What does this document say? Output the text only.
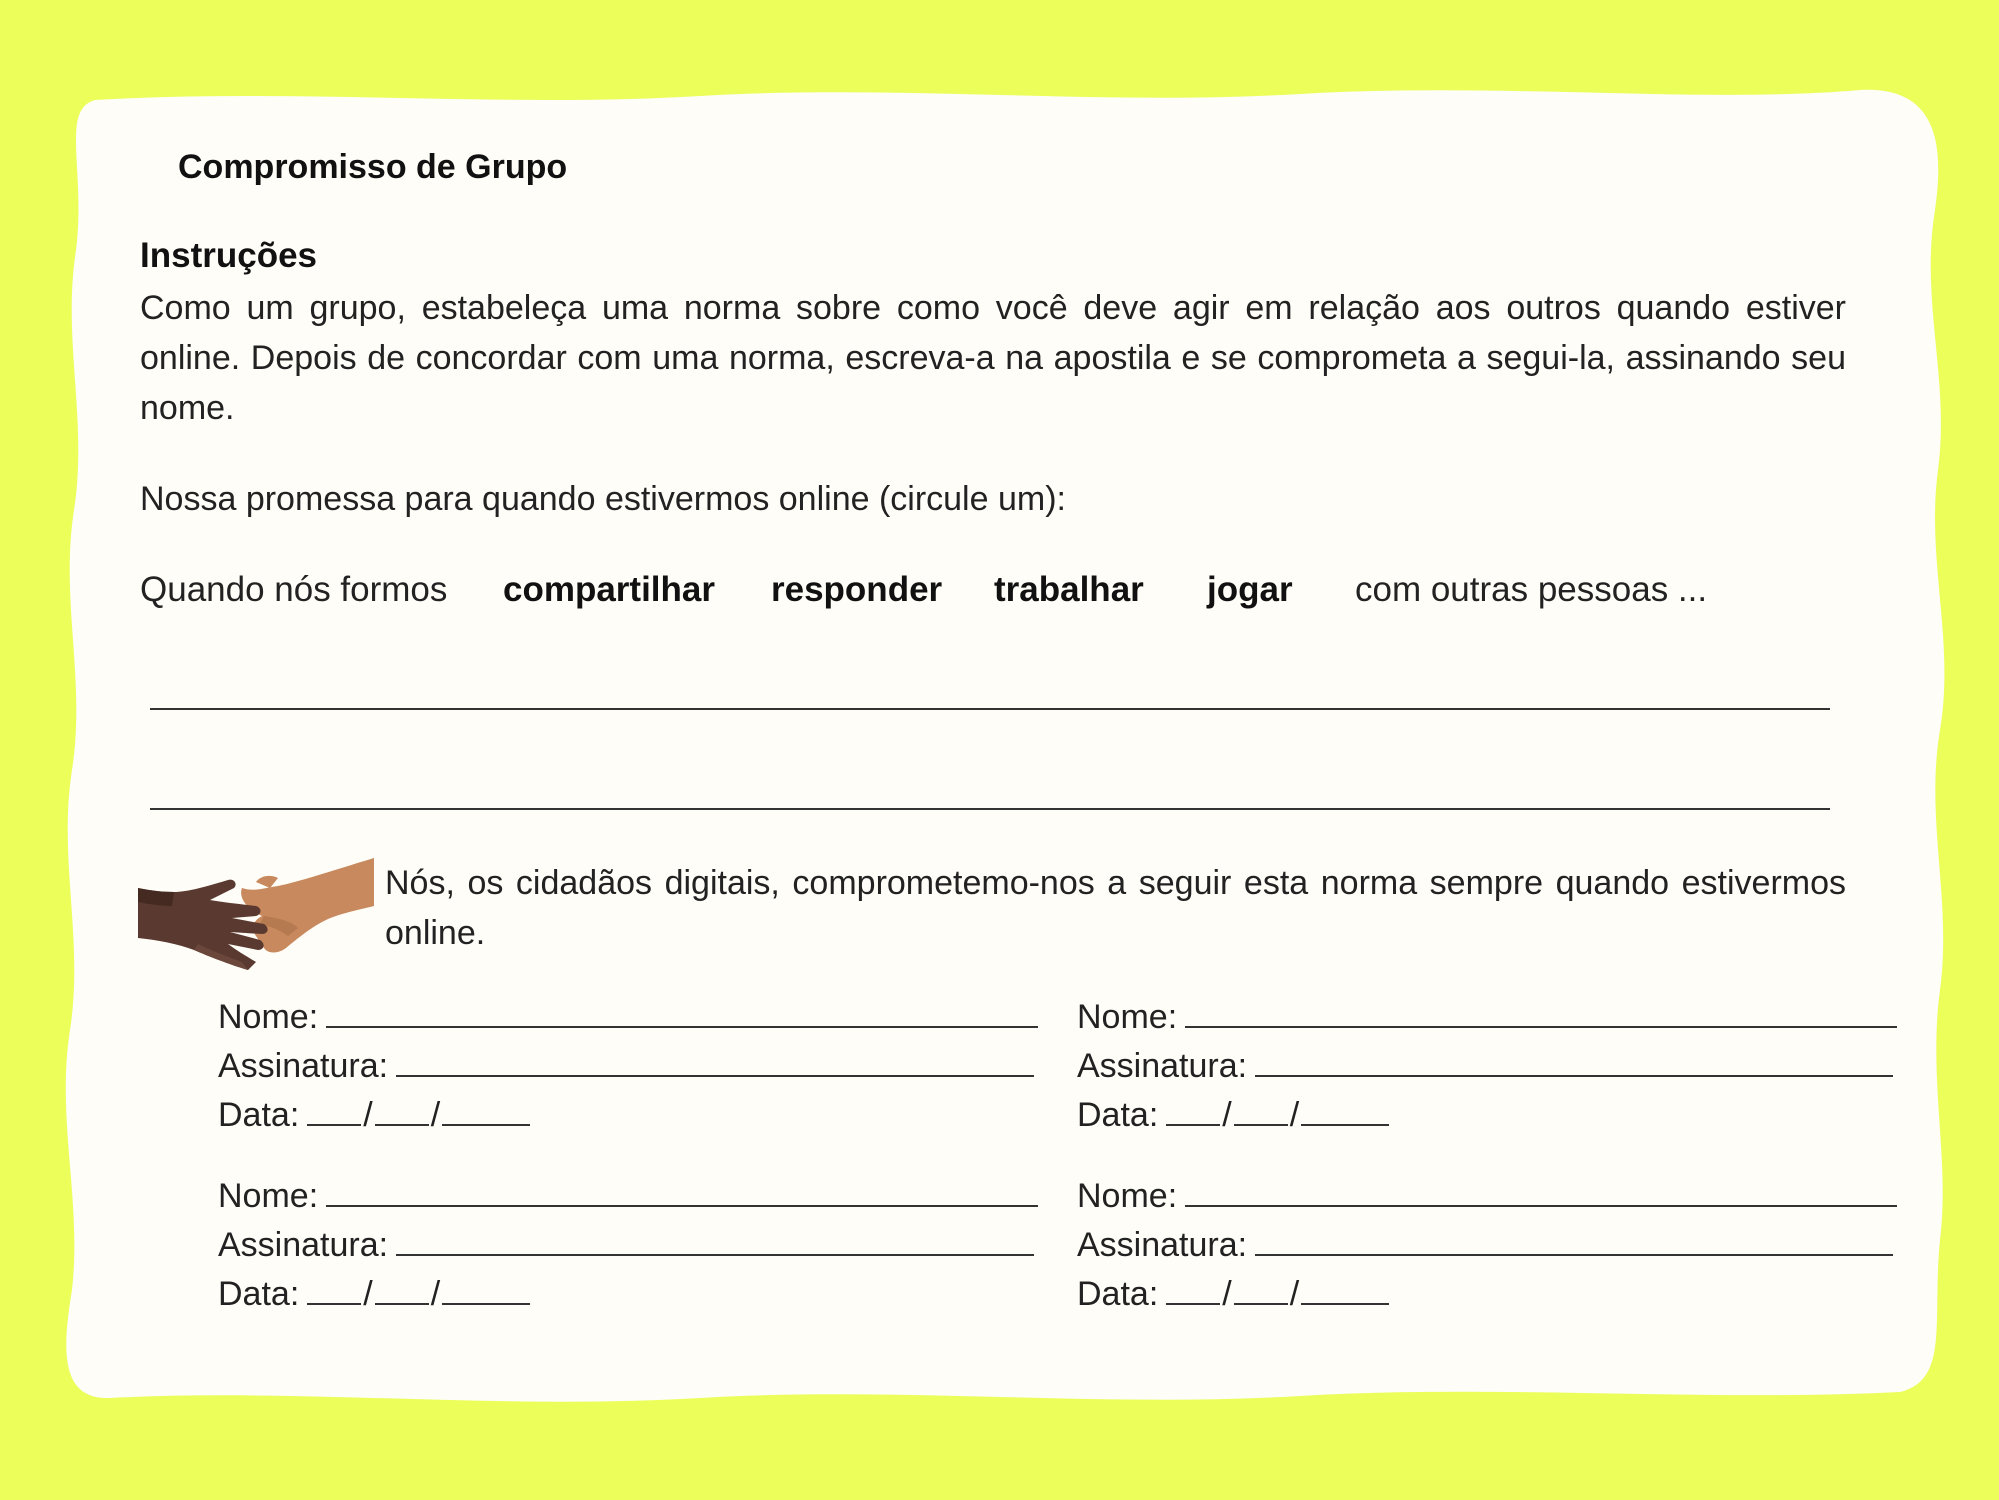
Compromisso de Grupo
Instruções
Como um grupo, estabeleça uma norma sobre como você deve agir em relação aos outros quando estiver online. Depois de concordar com uma norma, escreva-a na apostila e se comprometa a segui-la, assinando seu nome.
Nossa promessa para quando estivermos online (circule um):
Quando nós formos compartilhar responder trabalhar jogar com outras pessoas ...
Nós, os cidadãos digitais, comprometemo-nos a seguir esta norma sempre quando estivermos online.
Nome:
Assinatura:
Data: / /
Nome:
Assinatura:
Data: / /
Nome:
Assinatura:
Data: / /
Nome:
Assinatura:
Data: / /
